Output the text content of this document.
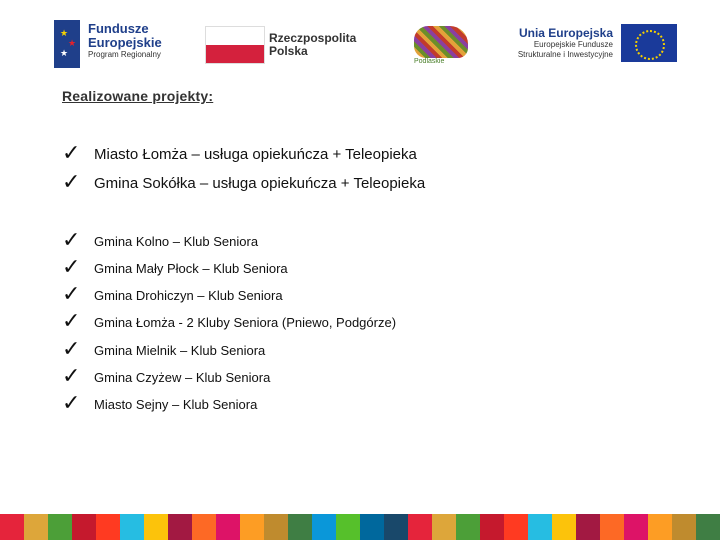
★
★
★
Fundusze
Europejskie
Program Regionalny
Rzeczpospolita
Polska
Podlaskie
Unia Europejska
Europejskie Fundusze
Strukturalne i Inwestycyjne
Realizowane projekty:
✓ Miasto Łomża – usługa opiekuńcza + Teleopieka
✓ Gmina Sokółka – usługa opiekuńcza + Teleopieka
✓	Gmina Kolno – Klub Seniora
✓	Gmina Mały Płock – Klub Seniora
✓	Gmina Drohiczyn – Klub Seniora
✓	Gmina Łomża - 2 Kluby Seniora (Pniewo, Podgórze)
✓	Gmina Mielnik – Klub Seniora
✓	Gmina Czyżew – Klub Seniora
✓	Miasto Sejny – Klub Seniora
